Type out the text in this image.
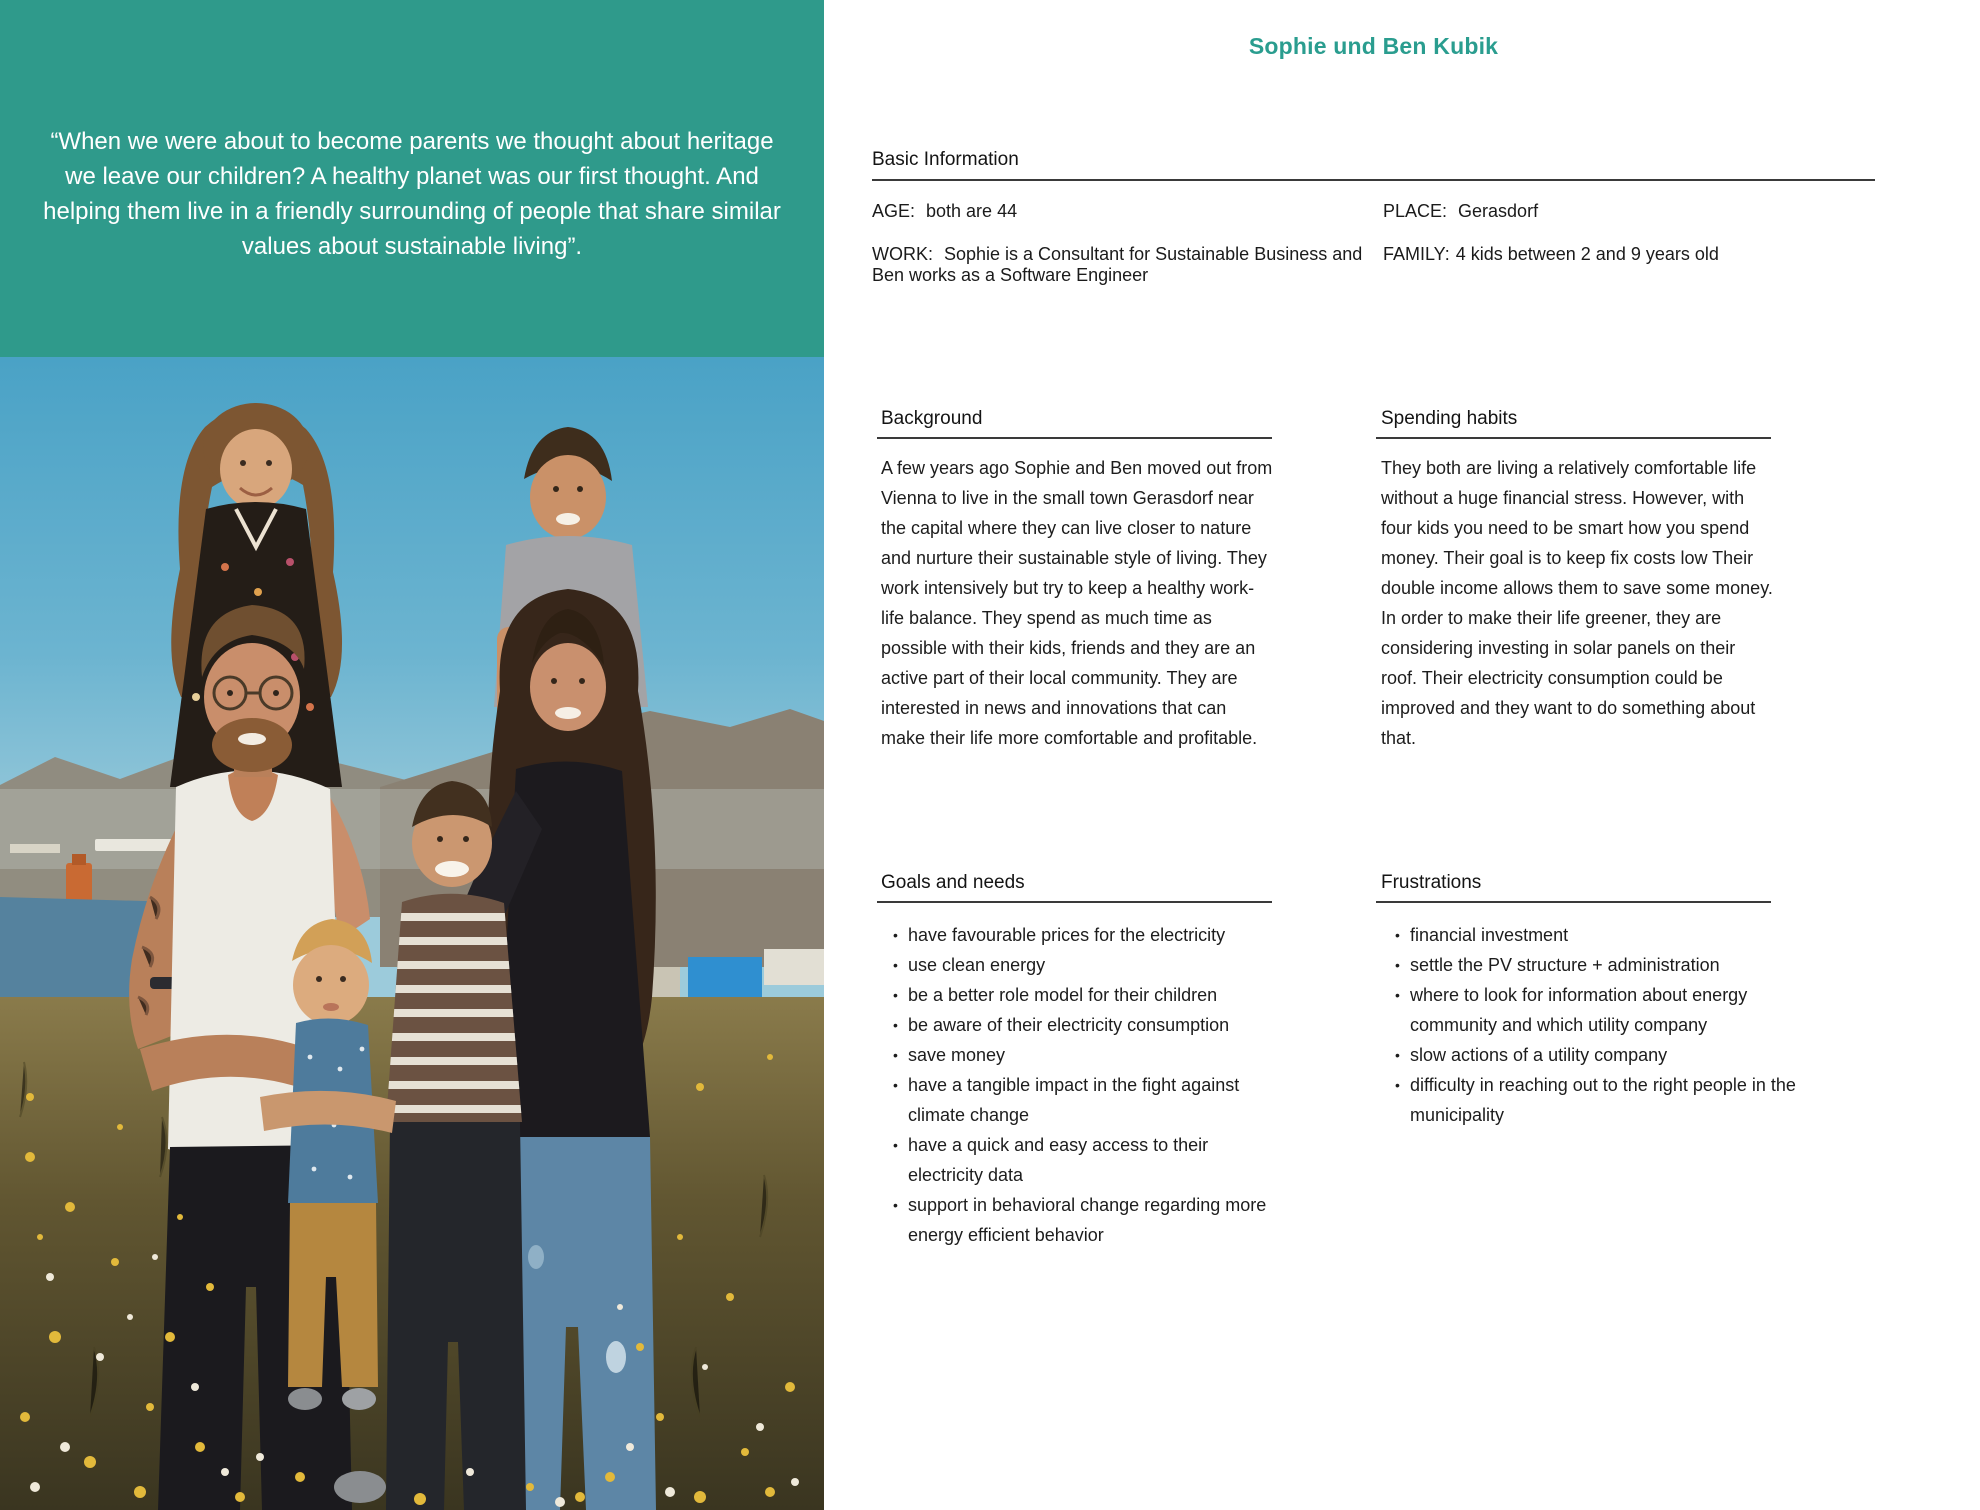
“When we were about to become parents we thought about heritage we leave our children? A healthy planet was our first thought. And helping them live in a friendly surrounding of people that share similar values about sustainable living”.

Sophie und Ben Kubik
Basic Information
AGE: both are 44	PLACE: Gerasdorf
WORK: Sophie is a Consultant for Sustainable Business and Ben works as a Software Engineer
FAMILY: 4 kids between 2 and 9 years old
Background

A few years ago Sophie and Ben moved out from Vienna to live in the small town Gerasdorf near the capital where they can live closer to nature and nurture their sustainable style of living. They work intensively but try to keep a healthy work-life balance. They spend as much time as possible with their kids, friends and they are an active part of their local community. They are interested in news and innovations that can make their life more comfortable and profitable.

Spending habits

They both are living a relatively comfortable life without a huge financial stress. However, with four kids you need to be smart how you spend money. Their goal is to keep fix costs low Their double income allows them to save some money. In order to make their life greener, they are considering investing in solar panels on their roof. Their electricity consumption could be improved and they want to do something about that.

Goals and needs
• have favourable prices for the electricity
• use clean energy
• be a better role model for their children
• be aware of their electricity consumption
• save money
• have a tangible impact in the fight against climate change
• have a quick and easy access to their electricity data
• support in behavioral change regarding more energy efficient behavior
Frustrations
• financial investment
• settle the PV structure + administration
• where to look for information about energy community and which utility company
• slow actions of a utility company
• difficulty in reaching out to the right people in the municipality
